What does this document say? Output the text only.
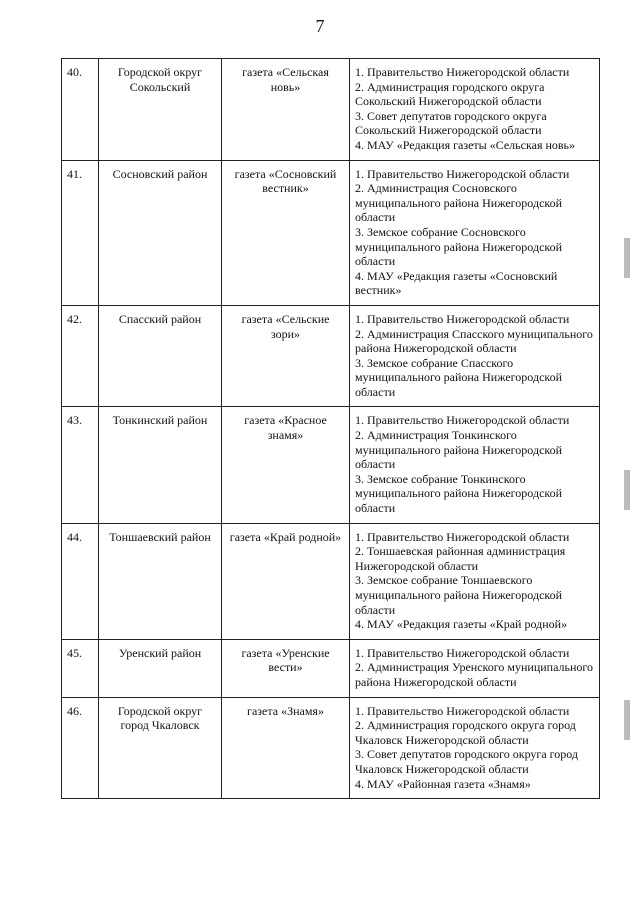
7
40.	Городской округ Сокольский	газета «Сельская новь»	1. Правительство Нижегородской области
2. Администрация городского округа Сокольский Нижегородской области
3. Совет депутатов городского округа Сокольский Нижегородской области
4. МАУ «Редакция газеты «Сельская новь»

41.	Сосновский район	газета «Сосновский вестник»	1. Правительство Нижегородской области
2. Администрация Сосновского муниципального района Нижегородской области
3. Земское собрание Сосновского муниципального района Нижегородской области
4. МАУ «Редакция газеты «Сосновский вестник»

42.	Спасский район	газета «Сельские зори»	1. Правительство Нижегородской области
2. Администрация Спасского муниципального района Нижегородской области
3. Земское собрание Спасского муниципального района Нижегородской области

43.	Тонкинский район	газета «Красное знамя»	1. Правительство Нижегородской области
2. Администрация Тонкинского муниципального района Нижегородской области
3. Земское собрание Тонкинского муниципального района Нижегородской области

44.	Тоншаевский район	газета «Край родной»	1. Правительство Нижегородской области
2. Тоншаевская районная администрация Нижегородской области
3. Земское собрание Тоншаевского муниципального района Нижегородской области
4. МАУ «Редакция газеты «Край родной»

45.	Уренский район	газета «Уренские вести»	1. Правительство Нижегородской области
2. Администрация Уренского муниципального района Нижегородской области

46.	Городской округ город Чкаловск	газета «Знамя»	1. Правительство Нижегородской области
2. Администрация городского округа город Чкаловск Нижегородской области
3. Совет депутатов городского округа город Чкаловск Нижегородской области
4. МАУ «Районная газета «Знамя»
